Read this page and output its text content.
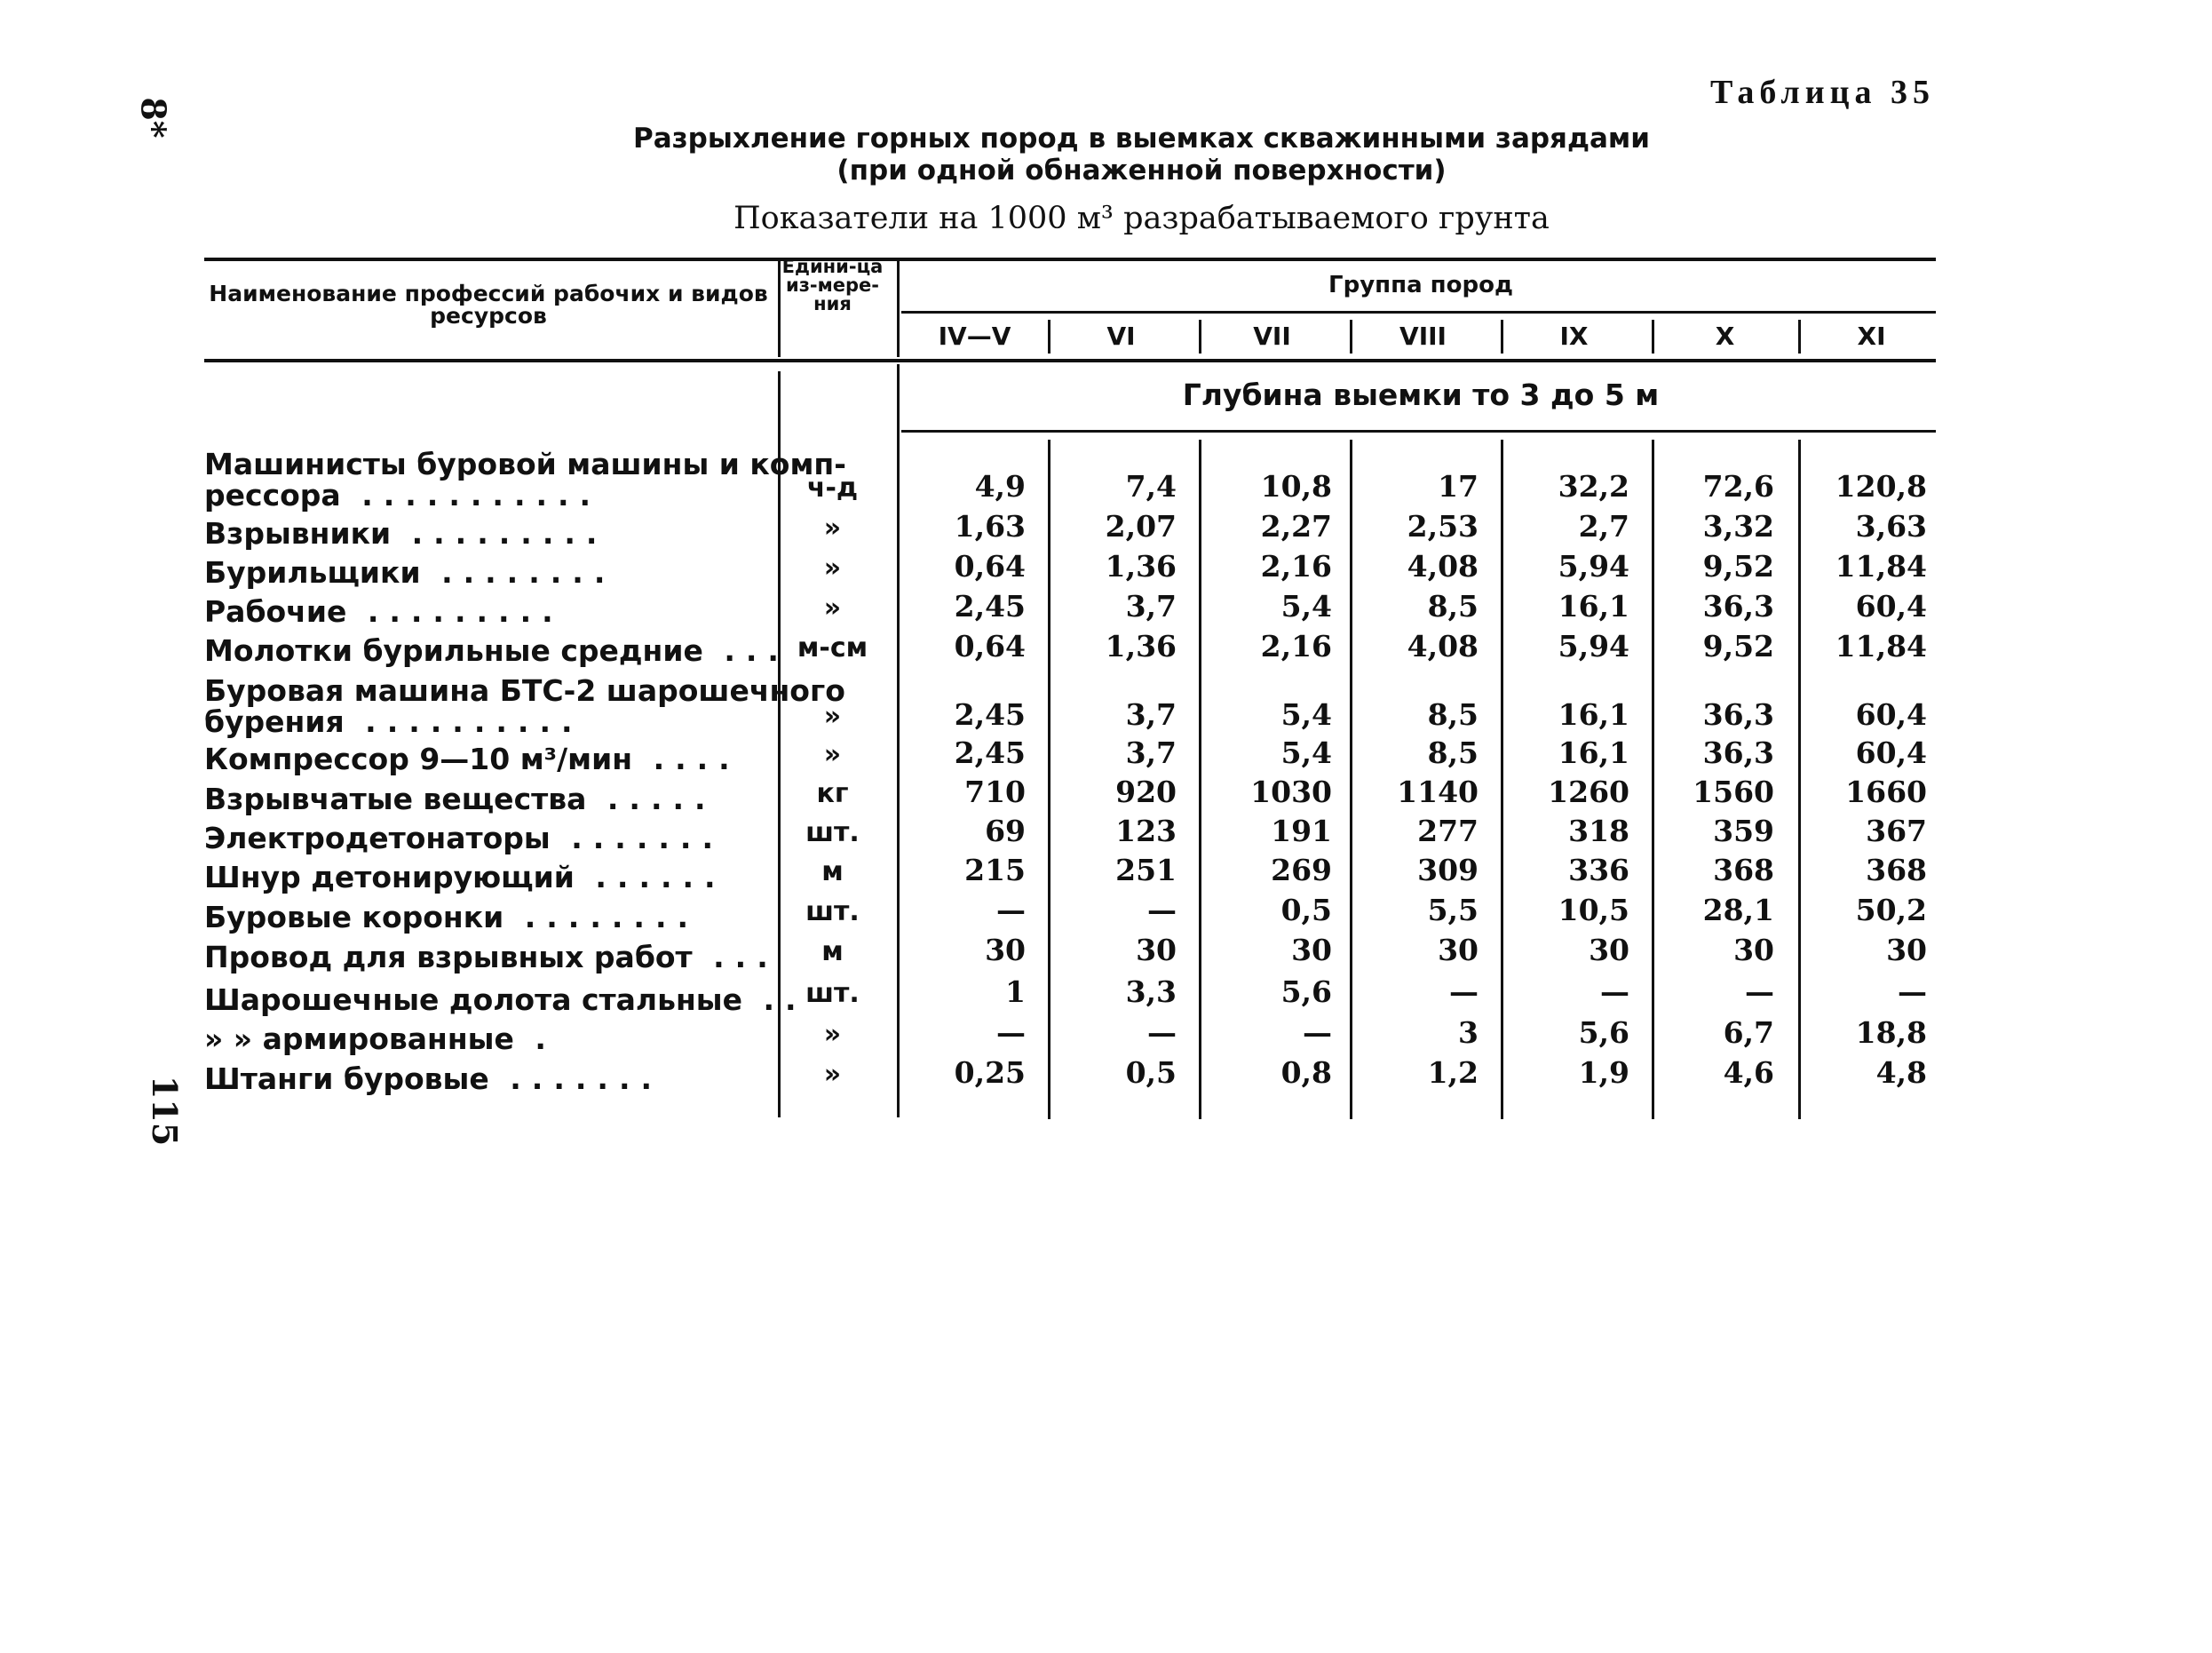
8*
115
Таблица 35
Разрыхление горных пород в выемках скважинными зарядами
(при одной обнаженной поверхности)
Показатели на 1000 м³ разрабатываемого грунта
Наименование профессий рабочих и видов ресурсов
Едини-ца из-мере-ния
Группа пород
IV—V	VI	VII	VIII	IX	X	XI
Глубина выемки то 3 до 5 м
Машинисты буровой машины и комп-
рессора ...........	ч-д	4,9	7,4	10,8	17	32,2	72,6 120,8
Взрывники .........	»	1,63	2,07	2,27	2,53	2,7	3,32	3,63
Бурильщики ........	»	0,64	1,36	2,16	4,08	5,94	9,52 11,84
Рабочие .........	»	2,45	3,7	5,4	8,5	16,1	36,3	60,4
Молотки бурильные средние ... м-см	0,64	1,36	2,16	4,08	5,94	9,52 11,84
Буровая машина БТС-2 шарошечного
бурения ..........	»	2,45	3,7	5,4	8,5	16,1	36,3	60,4
Компрессор 9—10 м³/мин ....	»	2,45	3,7	5,4	8,5	16,1	36,3	60,4
Взрывчатые вещества .....	кг	710	920	1030 1140 1260 1560 1660
Электродетонаторы .......	шт.	69	123	191	277	318	359	367
Шнур детонирующий ......	м	215	251	269	309	336	368	368
Буровые коронки ........	шт.	—	—	0,5	5,5	10,5	28,1	50,2
Провод для взрывных работ ...	м	30	30	30	30	30	30	30
Шарошечные долота стальные ..
шт.	1	3,3	5,6	—	—	—	—
» » армированные .	»	—	—	—	3	5,6	6,7	18,8
Штанги буровые .......	»	0,25	0,5	0,8	1,2	1,9	4,6	4,8
